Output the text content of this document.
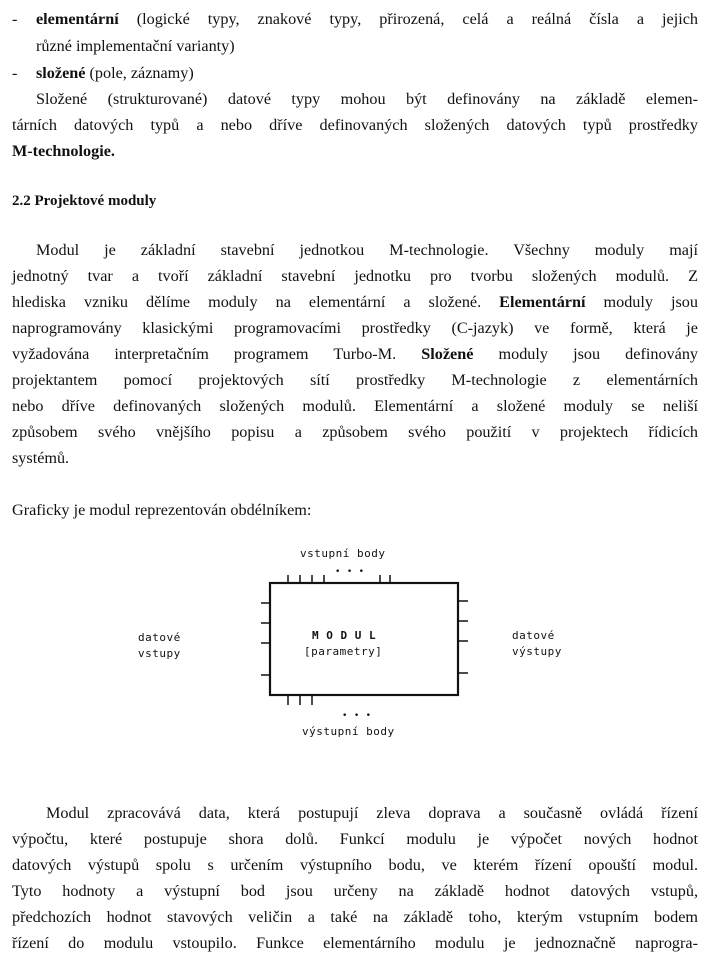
- elementární (logické typy, znakové typy, přirozená, celá a reálná čísla a jejich
různé implementační varianty)
- složené (pole, záznamy)
Složené (strukturované) datové typy mohou být definovány na základě elemen-
tárních datových typů a nebo dříve definovaných složených datových typů prostředky
M-technologie.
2.2 Projektové moduly
Modul je základní stavební jednotkou M-technologie. Všechny moduly mají
jednotný tvar a tvoří základní stavební jednotku pro tvorbu složených modulů. Z
hlediska vzniku dělíme moduly na elementární a složené. Elementární moduly jsou
naprogramovány klasickými programovacími prostředky (C-jazyk) ve formě, která je
vyžadována interpretačním programem Turbo-M. Složené moduly jsou definovány
projektantem pomocí projektových sítí prostředky M-technologie z elementárních
nebo dříve definovaných složených modulů. Elementární a složené moduly se neliší
způsobem svého vnějšího popisu a způsobem svého použití v projektech řídicích
systémů.
Graficky je modul reprezentován obdélníkem:
vstupní body
• • •
datové
vstupy
datové
výstupy
M O D U L
[parametry]
• • •
výstupní body
Modul zpracovává data, která postupují zleva doprava a současně ovládá řízení
výpočtu, které postupuje shora dolů. Funkcí modulu je výpočet nových hodnot
datových výstupů spolu s určením výstupního bodu, ve kterém řízení opouští modul.
Tyto hodnoty a výstupní bod jsou určeny na základě hodnot datových vstupů,
předchozích hodnot stavových veličin a také na základě toho, kterým vstupním bodem
řízení do modulu vstoupilo. Funkce elementárního modulu je jednoznačně naprogra-
